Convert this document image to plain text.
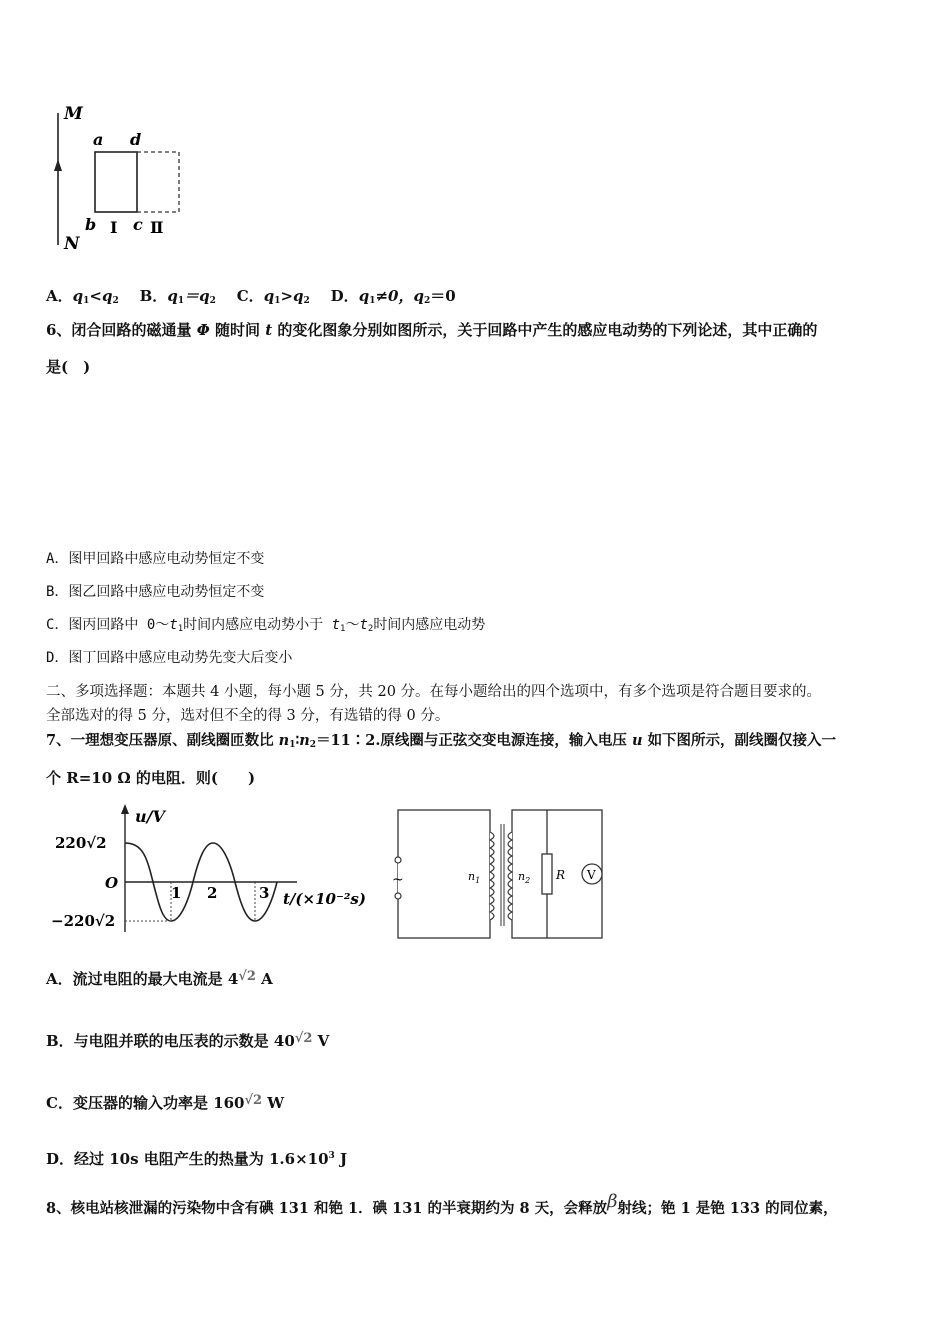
M
N
a d
b Ⅰ c Ⅱ
A．$q_1<q_2$ B．$q_1=q_2$ C．$q_1>q_2$ D．$q_1\ne 0$，$q_2=0$
6、闭合回路的磁通量 Φ 随时间 t 的变化图象分别如图所示，关于回路中产生的感应电动势的下列论述，其中正确的
是(　)
A．图甲回路中感应电动势恒定不变
B．图乙回路中感应电动势恒定不变
C．图丙回路中 $0\sim t_1$时间内感应电动势小于 $t_1\sim t_2$时间内感应电动势
D．图丁回路中感应电动势先变大后变小
二、多项选择题：本题共 4 小题，每小题 5 分，共 20 分。在每小题给出的四个选项中，有多个选项是符合题目要求的。
全部选对的得 5 分，选对但不全的得 3 分，有选错的得 0 分。
7、一理想变压器原、副线圈匝数比 $n_1∶n_2=11∶2$.原线圈与正弦交变电源连接，输入电压 u 如下图所示，副线圈仅接入一
个 R=10 Ω 的电阻．则(　　)
u/V
220√2
−220√2
O
1 2	3 t/(×10⁻²s)
~	$n_1$	$n_2$ R V
A．流过电阻的最大电流是 4√2 A
B．与电阻并联的电压表的示数是 40√2 V
C．变压器的输入功率是 160√2 W
D．经过 10s 电阻产生的热量为 $1.6\times 10^3$ J
8、核电站核泄漏的污染物中含有碘 131 和铯 1．碘 131 的半衰期约为 8 天，会释放β射线；铯 1 是铯 133 的同位素，
